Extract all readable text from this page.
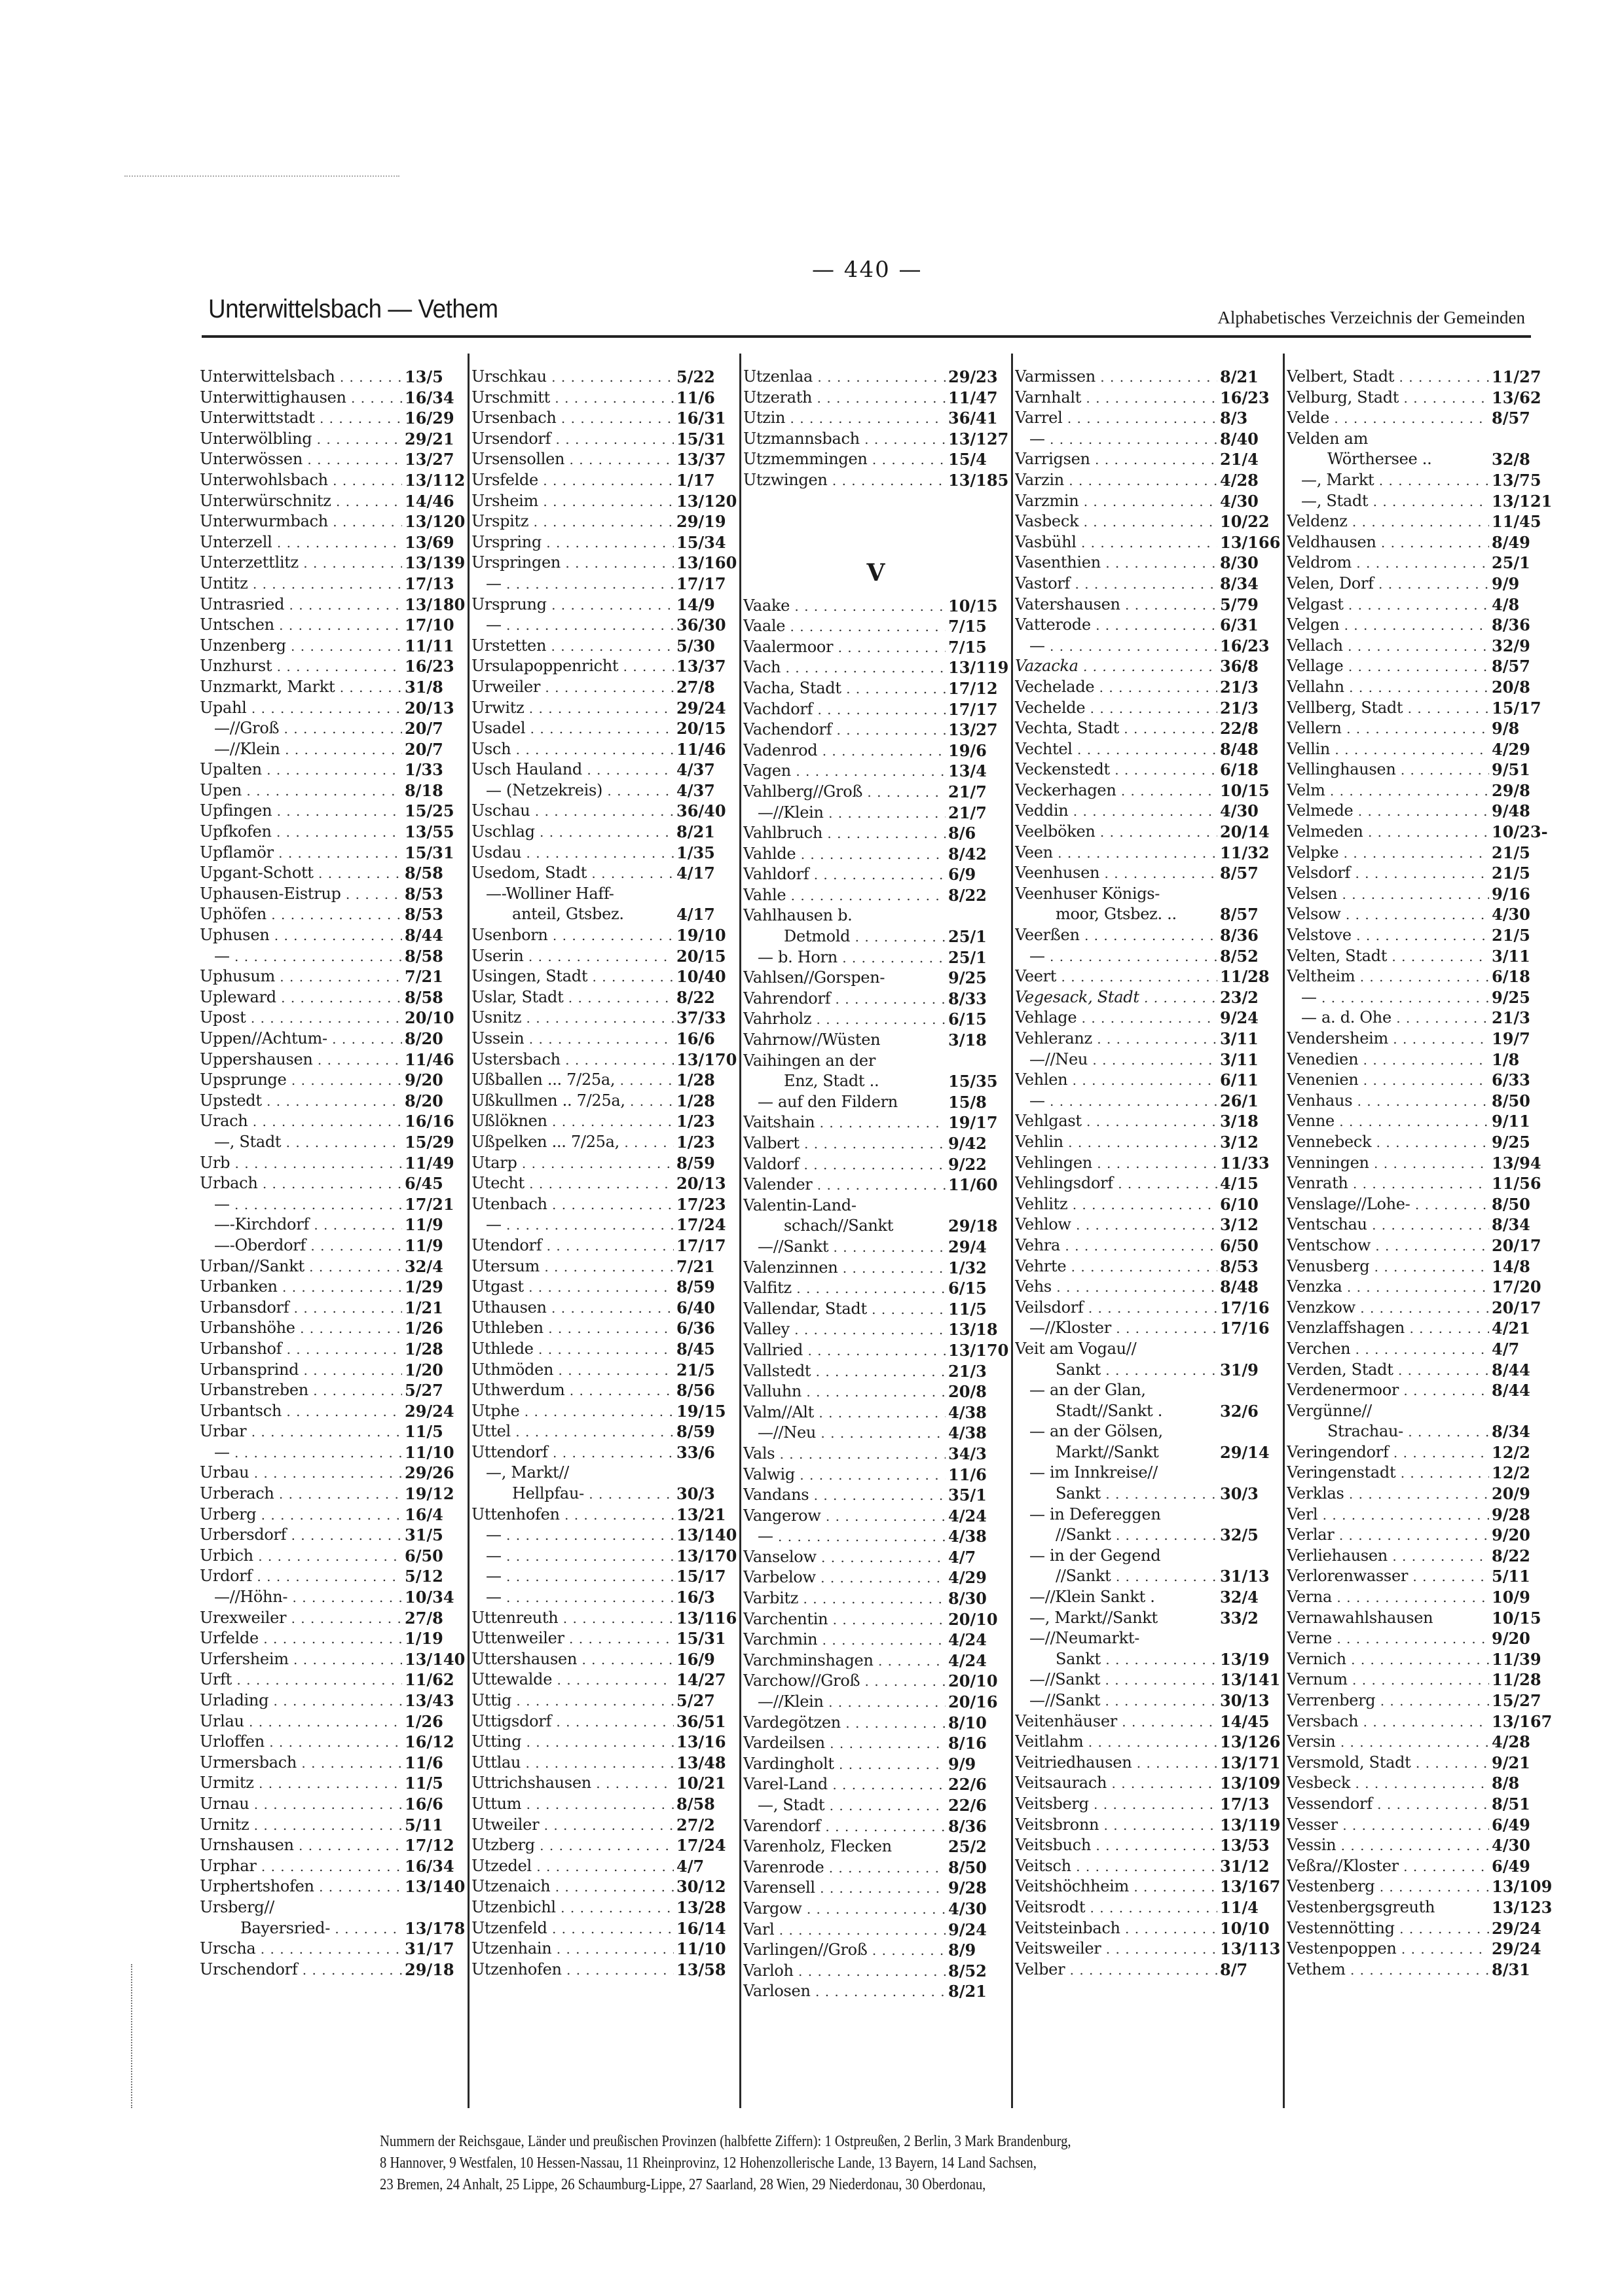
— 440 —
Unterwittelsbach — Vethem	Alphabetisches Verzeichnis der Gemeinden
Unterwittelsbach . . .	13/5
Unterwittighausen . . .	16/34
Unterwittstadt . . .	16/29
Unterwölbling . . .	29/21
Unterwössen . . .	13/27
Unterwohlsbach . . .	13/112
Unterwürschnitz . . .	14/46
Unterwurmbach . . .	13/120
Unterzell . . .	13/69
Unterzettlitz . . .	13/139
Untitz . . .	17/13
Untrasried . . .	13/180
Untschen . . .	17/10
Unzenberg . . .	11/11
Unzhurst . . .	16/23
Unzmarkt, Markt . . .	31/8
Upahl . . .	20/13
—//Groß . . .	20/7
—//Klein . . .	20/7
Upalten . . .	1/33
Upen . . .	8/18
Upfingen . . .	15/25
Upfkofen . . .	13/55
Upflamör . . .	15/31
Upgant-Schott . . .	8/58
Uphausen-Eistrup . . .	8/53
Uphöfen . . .	8/53
Uphusen . . .	8/44
— . . .	8/58
Uphusum . . .	7/21
Upleward . . .	8/58
Upost . . .	20/10
Uppen//Achtum- . . .	8/20
Uppershausen . . .	11/46
Upsprunge . . .	9/20
Upstedt . . .	8/20
Urach . . .	16/16
—, Stadt . . .	15/29
Urb . . .	11/49
Urbach . . .	6/45
— . . .	17/21
—-Kirchdorf . . .	11/9
—-Oberdorf . . .	11/9
Urban//Sankt . . .	32/4
Urbanken . . .	1/29
Urbansdorf . . .	1/21
Urbanshöhe . . .	1/26
Urbanshof . . .	1/28
Urbansprind . . .	1/20
Urbanstreben . . .	5/27
Urbantsch . . .	29/24
Urbar . . .	11/5
— . . .	11/10
Urbau . . .	29/26
Urberach . . .	19/12
Urberg . . .	16/4
Urbersdorf . . .	31/5
Urbich . . .	6/50
Urdorf . . .	5/12
—//Höhn- . . .	10/34
Urexweiler . . .	27/8
Urfelde . . .	1/19
Urfersheim . . .	13/140
Urft . . .	11/62
Urlading . . .	13/43
Urlau . . .	1/26
Urloffen . . .	16/12
Urmersbach . . .	11/6
Urmitz . . .	11/5
Urnau . . .	16/6
Urnitz . . .	5/11
Urnshausen . . .	17/12
Urphar . . .	16/34
Urphertshofen . . .	13/140
Ursberg//
Bayersried- . . .	13/178
Urscha . . .	31/17
Urschendorf . . .	29/18
Urschkau . . .	5/22
Urschmitt . . .	11/6
Ursenbach . . .	16/31
Ursendorf . . .	15/31
Ursensollen . . .	13/37
Ursfelde . . .	1/17
Ursheim . . .	13/120
Urspitz . . .	29/19
Urspring . . .	15/34
Urspringen . . .	13/160
— . . .	17/17
Ursprung . . .	14/9
— . . .	36/30
Urstetten . . .	5/30
Ursulapoppenricht . . .	13/37
Urweiler . . .	27/8
Urwitz . . .	29/24
Usadel . . .	20/15
Usch . . .	11/46
Usch Hauland . . .	4/37
— (Netzekreis) . . .	4/37
Uschau . . .	36/40
Uschlag . . .	8/21
Usdau . . .	1/35
Usedom, Stadt . . .	4/17
—-Wolliner Haff-
anteil, Gtsbez.	4/17
Usenborn . . .	19/10
Userin . . .	20/15
Usingen, Stadt . . .	10/40
Uslar, Stadt . . .	8/22
Usnitz . . .	37/33
Ussein . . .	16/6
Ustersbach . . .	13/170
Ußballen ... 7/25a, . . .	1/28
Ußkullmen .. 7/25a, . . .	1/28
Ußlöknen . . .	1/23
Ußpelken ... 7/25a, . . .	1/23
Utarp . . .	8/59
Utecht . . .	20/13
Utenbach . . .	17/23
— . . .	17/24
Utendorf . . .	17/17
Utersum . . .	7/21
Utgast . . .	8/59
Uthausen . . .	6/40
Uthleben . . .	6/36
Uthlede . . .	8/45
Uthmöden . . .	21/5
Uthwerdum . . .	8/56
Utphe . . .	19/15
Uttel . . .	8/59
Uttendorf . . .	33/6
—, Markt//
Hellpfau- . . .	30/3
Uttenhofen . . .	13/21
— . . .	13/140
— . . .	13/170
— . . .	15/17
— . . .	16/3
Uttenreuth . . .	13/116
Uttenweiler . . .	15/31
Uttershausen . . .	16/9
Uttewalde . . .	14/27
Uttig . . .	5/27
Uttigsdorf . . .	36/51
Utting . . .	13/16
Uttlau . . .	13/48
Uttrichshausen . . .	10/21
Uttum . . .	8/58
Utweiler . . .	27/2
Utzberg . . .	17/24
Utzedel . . .	4/7
Utzenaich . . .	30/12
Utzenbichl . . .	13/28
Utzenfeld . . .	16/14
Utzenhain . . .	11/10
Utzenhofen . . .	13/58
Utzenlaa . . .	29/23
Utzerath . . .	11/47
Utzin . . .	36/41
Utzmannsbach . . .	13/127
Utzmemmingen . . .	15/4
Utzwingen . . .	13/185
V
Vaake . . .	10/15
Vaale . . .	7/15
Vaalermoor . . .	7/15
Vach . . .	13/119
Vacha, Stadt . . .	17/12
Vachdorf . . .	17/17
Vachendorf . . .	13/27
Vadenrod . . .	19/6
Vagen . . .	13/4
Vahlberg//Groß . . .	21/7
—//Klein . . .	21/7
Vahlbruch . . .	8/6
Vahlde . . .	8/42
Vahldorf . . .	6/9
Vahle . . .	8/22
Vahlhausen b.
Detmold . . .	25/1
— b. Horn . . .	25/1
Vahlsen//Gorspen-	9/25
Vahrendorf . . .	8/33
Vahrholz . . .	6/15
Vahrnow//Wüsten	3/18
Vaihingen an der
Enz, Stadt ..	15/35
— auf den Fildern	15/8
Vaitshain . . .	19/17
Valbert . . .	9/42
Valdorf . . .	9/22
Valender . . .	11/60
Valentin-Land-
schach//Sankt	29/18
—//Sankt . . .	29/4
Valenzinnen . . .	1/32
Valfitz . . .	6/15
Vallendar, Stadt . . .	11/5
Valley . . .	13/18
Vallried . . .	13/170
Vallstedt . . .	21/3
Valluhn . . .	20/8
Valm//Alt . . .	4/38
—//Neu . . .	4/38
Vals . . .	34/3
Valwig . . .	11/6
Vandans . . .	35/1
Vangerow . . .	4/24
— . . .	4/38
Vanselow . . .	4/7
Varbelow . . .	4/29
Varbitz . . .	8/30
Varchentin . . .	20/10
Varchmin . . .	4/24
Varchminshagen . . .	4/24
Varchow//Groß . . .	20/10
—//Klein . . .	20/16
Vardegötzen . . .	8/10
Vardeilsen . . .	8/16
Vardingholt . . .	9/9
Varel-Land . . .	22/6
—, Stadt . . .	22/6
Varendorf . . .	8/36
Varenholz, Flecken	25/2
Varenrode . . .	8/50
Varensell . . .	9/28
Vargow . . .	4/30
Varl . . .	9/24
Varlingen//Groß . . .	8/9
Varloh . . .	8/52
Varlosen . . .	8/21
Varmissen . . .	8/21
Varnhalt . . .	16/23
Varrel . . .	8/3
— . . .	8/40
Varrigsen . . .	21/4
Varzin . . .	4/28
Varzmin . . .	4/30
Vasbeck . . .	10/22
Vasbühl . . .	13/166
Vasenthien . . .	8/30
Vastorf . . .	8/34
Vatershausen . . .	5/79
Vatterode . . .	6/31
— . . .	16/23
Vazacka . . .	36/8
Vechelade . . .	21/3
Vechelde . . .	21/3
Vechta, Stadt . . .	22/8
Vechtel . . .	8/48
Veckenstedt . . .	6/18
Veckerhagen . . .	10/15
Veddin . . .	4/30
Veelböken . . .	20/14
Veen . . .	11/32
Veenhusen . . .	8/57
Veenhuser Königs-
moor, Gtsbez. ..	8/57
Veerßen . . .	8/36
— . . .	8/52
Veert . . .	11/28
Vegesack, Stadt . . .	23/2
Vehlage . . .	9/24
Vehleranz . . .	3/11
—//Neu . . .	3/11
Vehlen . . .	6/11
— . . .	26/1
Vehlgast . . .	3/18
Vehlin . . .	3/12
Vehlingen . . .	11/33
Vehlingsdorf . . .	4/15
Vehlitz . . .	6/10
Vehlow . . .	3/12
Vehra . . .	6/50
Vehrte . . .	8/53
Vehs . . .	8/48
Veilsdorf . . .	17/16
—//Kloster . . .	17/16
Veit am Vogau//
Sankt . . .	31/9
— an der Glan,
Stadt//Sankt .	32/6
— an der Gölsen,
Markt//Sankt	29/14
— im Innkreise//
Sankt . . .	30/3
— in Defereggen
//Sankt . . .	32/5
— in der Gegend
//Sankt . . .	31/13
—//Klein Sankt .	32/4
—, Markt//Sankt	33/2
—//Neumarkt-
Sankt . . .	13/19
—//Sankt . . .	13/141
—//Sankt . . .	30/13
Veitenhäuser . . .	14/45
Veitlahm . . .	13/126
Veitriedhausen . . .	13/171
Veitsaurach . . .	13/109
Veitsberg . . .	17/13
Veitsbronn . . .	13/119
Veitsbuch . . .	13/53
Veitsch . . .	31/12
Veitshöchheim . . .	13/167
Veitsrodt . . .	11/4
Veitsteinbach . . .	10/10
Veitsweiler . . .	13/113
Velber . . .	8/7
Velbert, Stadt . . .	11/27
Velburg, Stadt . . .	13/62
Velde . . .	8/57
Velden am
Wörthersee ..	32/8
—, Markt . . .	13/75
—, Stadt . . .	13/121
Veldenz . . .	11/45
Veldhausen . . .	8/49
Veldrom . . .	25/1
Velen, Dorf . . .	9/9
Velgast . . .	4/8
Velgen . . .	8/36
Vellach . . .	32/9
Vellage . . .	8/57
Vellahn . . .	20/8
Vellberg, Stadt . . .	15/17
Vellern . . .	9/8
Vellin . . .	4/29
Vellinghausen . . .	9/51
Velm . . .	29/8
Velmede . . .	9/48
Velmeden . . .	10/23-
Velpke . . .	21/5
Velsdorf . . .	21/5
Velsen . . .	9/16
Velsow . . .	4/30
Velstove . . .	21/5
Velten, Stadt . . .	3/11
Veltheim . . .	6/18
— . . .	9/25
— a. d. Ohe . . .	21/3
Vendersheim . . .	19/7
Venedien . . .	1/8
Venenien . . .	6/33
Venhaus . . .	8/50
Venne . . .	9/11
Vennebeck . . .	9/25
Venningen . . .	13/94
Venrath . . .	11/56
Venslage//Lohe- . . .	8/50
Ventschau . . .	8/34
Ventschow . . .	20/17
Venusberg . . .	14/8
Venzka . . .	17/20
Venzkow . . .	20/17
Venzlaffshagen . . .	4/21
Verchen . . .	4/7
Verden, Stadt . . .	8/44
Verdenermoor . . .	8/44
Vergünne//
Strachau- . . .	8/34
Veringendorf . . .	12/2
Veringenstadt . . .	12/2
Verklas . . .	20/9
Verl . . .	9/28
Verlar . . .	9/20
Verliehausen . . .	8/22
Verlorenwasser . . .	5/11
Verna . . .	10/9
Vernawahlshausen	10/15
Verne . . .	9/20
Vernich . . .	11/39
Vernum . . .	11/28
Verrenberg . . .	15/27
Versbach . . .	13/167
Versin . . .	4/28
Versmold, Stadt . . .	9/21
Vesbeck . . .	8/8
Vessendorf . . .	8/51
Vesser . . .	6/49
Vessin . . .	4/30
Veßra//Kloster . . .	6/49
Vestenberg . . .	13/109
Vestenbergsgreuth	13/123
Vestennötting . . .	29/24
Vestenpoppen . . .	29/24
Vethem . . .	8/31
Nummern der Reichsgaue, Länder und preußischen Provinzen (halbfette Ziffern): 1 Ostpreußen, 2 Berlin, 3 Mark Brandenburg,
8 Hannover, 9 Westfalen, 10 Hessen-Nassau, 11 Rheinprovinz, 12 Hohenzollerische Lande, 13 Bayern, 14 Land Sachsen,
23 Bremen, 24 Anhalt, 25 Lippe, 26 Schaumburg-Lippe, 27 Saarland, 28 Wien, 29 Niederdonau, 30 Oberdonau,
